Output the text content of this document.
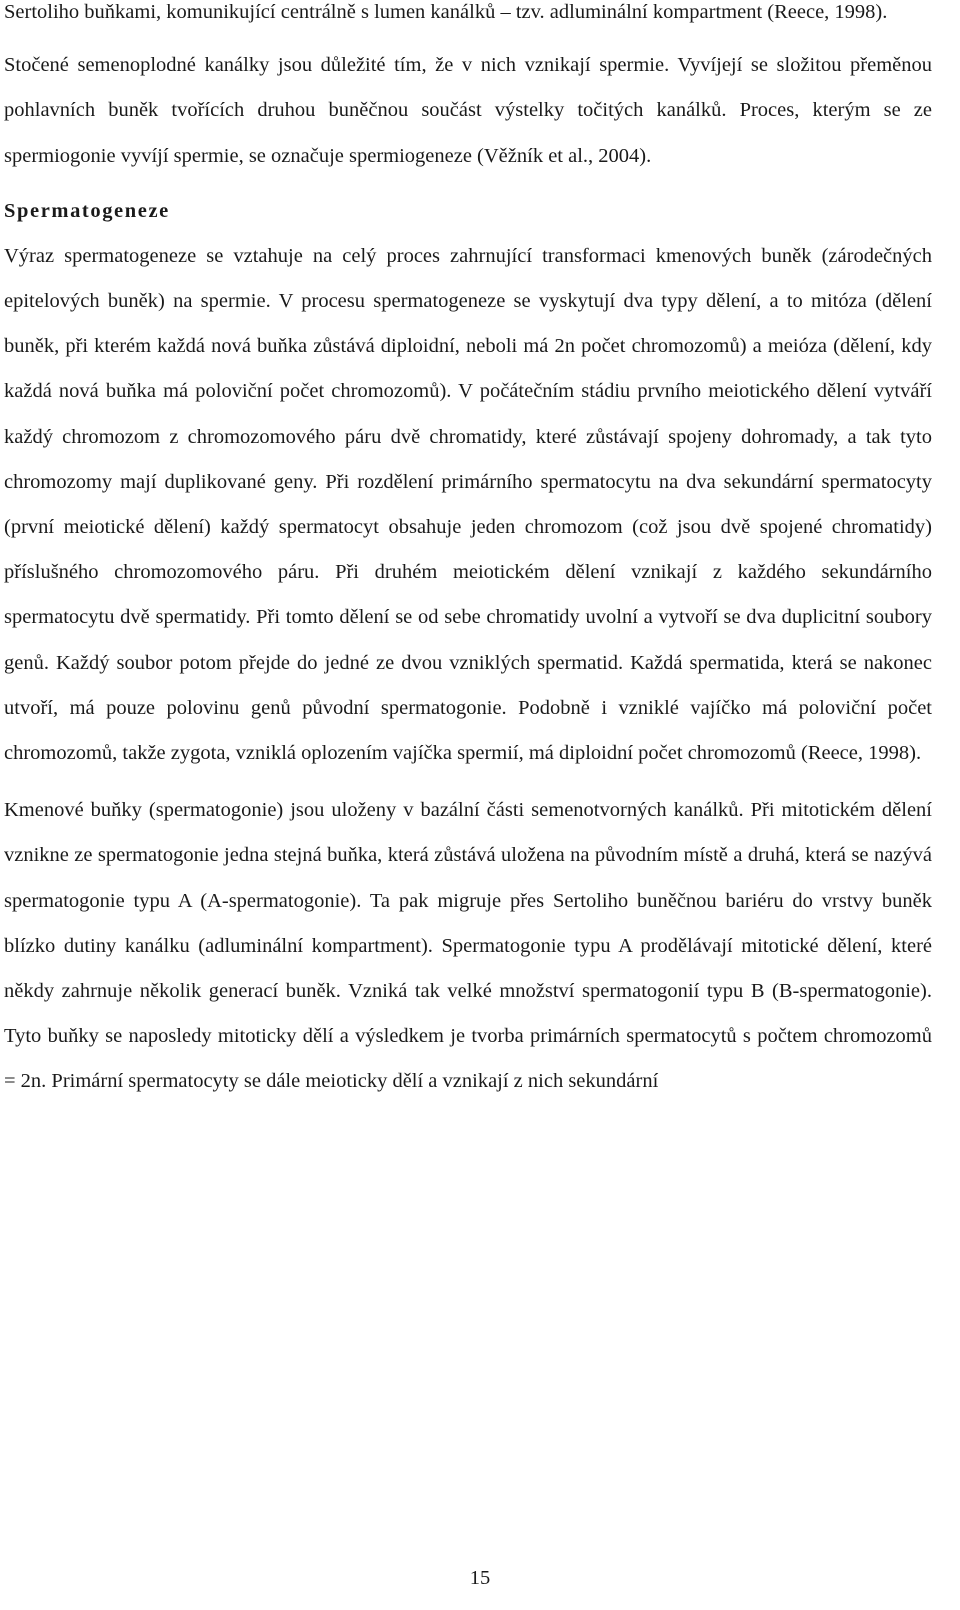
Sertoliho buňkami, komunikující centrálně s lumen kanálků – tzv. adluminální kompartment (Reece, 1998).

Stočené semenoplodné kanálky jsou důležité tím, že v nich vznikají spermie. Vyvíjejí se složitou přeměnou pohlavních buněk tvořících druhou buněčnou součást výstelky točitých kanálků. Proces, kterým se ze spermiogonie vyvíjí spermie, se označuje spermiogeneze (Věžník et al., 2004).

Spermatogeneze

Výraz spermatogeneze se vztahuje na celý proces zahrnující transformaci kmenových buněk (zárodečných epitelových buněk) na spermie. V procesu spermatogeneze se vyskytují dva typy dělení, a to mitóza (dělení buněk, při kterém každá nová buňka zůstává diploidní, neboli má 2n počet chromozomů) a meióza (dělení, kdy každá nová buňka má poloviční počet chromozomů). V počátečním stádiu prvního meiotického dělení vytváří každý chromozom z chromozomového páru dvě chromatidy, které zůstávají spojeny dohromady, a tak tyto chromozomy mají duplikované geny. Při rozdělení primárního spermatocytu na dva sekundární spermatocyty (první meiotické dělení) každý spermatocyt obsahuje jeden chromozom (což jsou dvě spojené chromatidy) příslušného chromozomového páru. Při druhém meiotickém dělení vznikají z každého sekundárního spermatocytu dvě spermatidy. Při tomto dělení se od sebe chromatidy uvolní a vytvoří se dva duplicitní soubory genů. Každý soubor potom přejde do jedné ze dvou vzniklých spermatid. Každá spermatida, která se nakonec utvoří, má pouze polovinu genů původní spermatogonie. Podobně i vzniklé vajíčko má poloviční počet chromozomů, takže zygota, vzniklá oplozením vajíčka spermií, má diploidní počet chromozomů (Reece, 1998).

Kmenové buňky (spermatogonie) jsou uloženy v bazální části semenotvorných kanálků. Při mitotickém dělení vznikne ze spermatogonie jedna stejná buňka, která zůstává uložena na původním místě a druhá, která se nazývá spermatogonie typu A (A-spermatogonie). Ta pak migruje přes Sertoliho buněčnou bariéru do vrstvy buněk blízko dutiny kanálku (adluminální kompartment). Spermatogonie typu A prodělávají mitotické dělení, které někdy zahrnuje několik generací buněk. Vzniká tak velké množství spermatogonií typu B (B-spermatogonie). Tyto buňky se naposledy mitoticky dělí a výsledkem je tvorba primárních spermatocytů s počtem chromozomů = 2n. Primární spermatocyty se dále meioticky dělí a vznikají z nich sekundární

15
